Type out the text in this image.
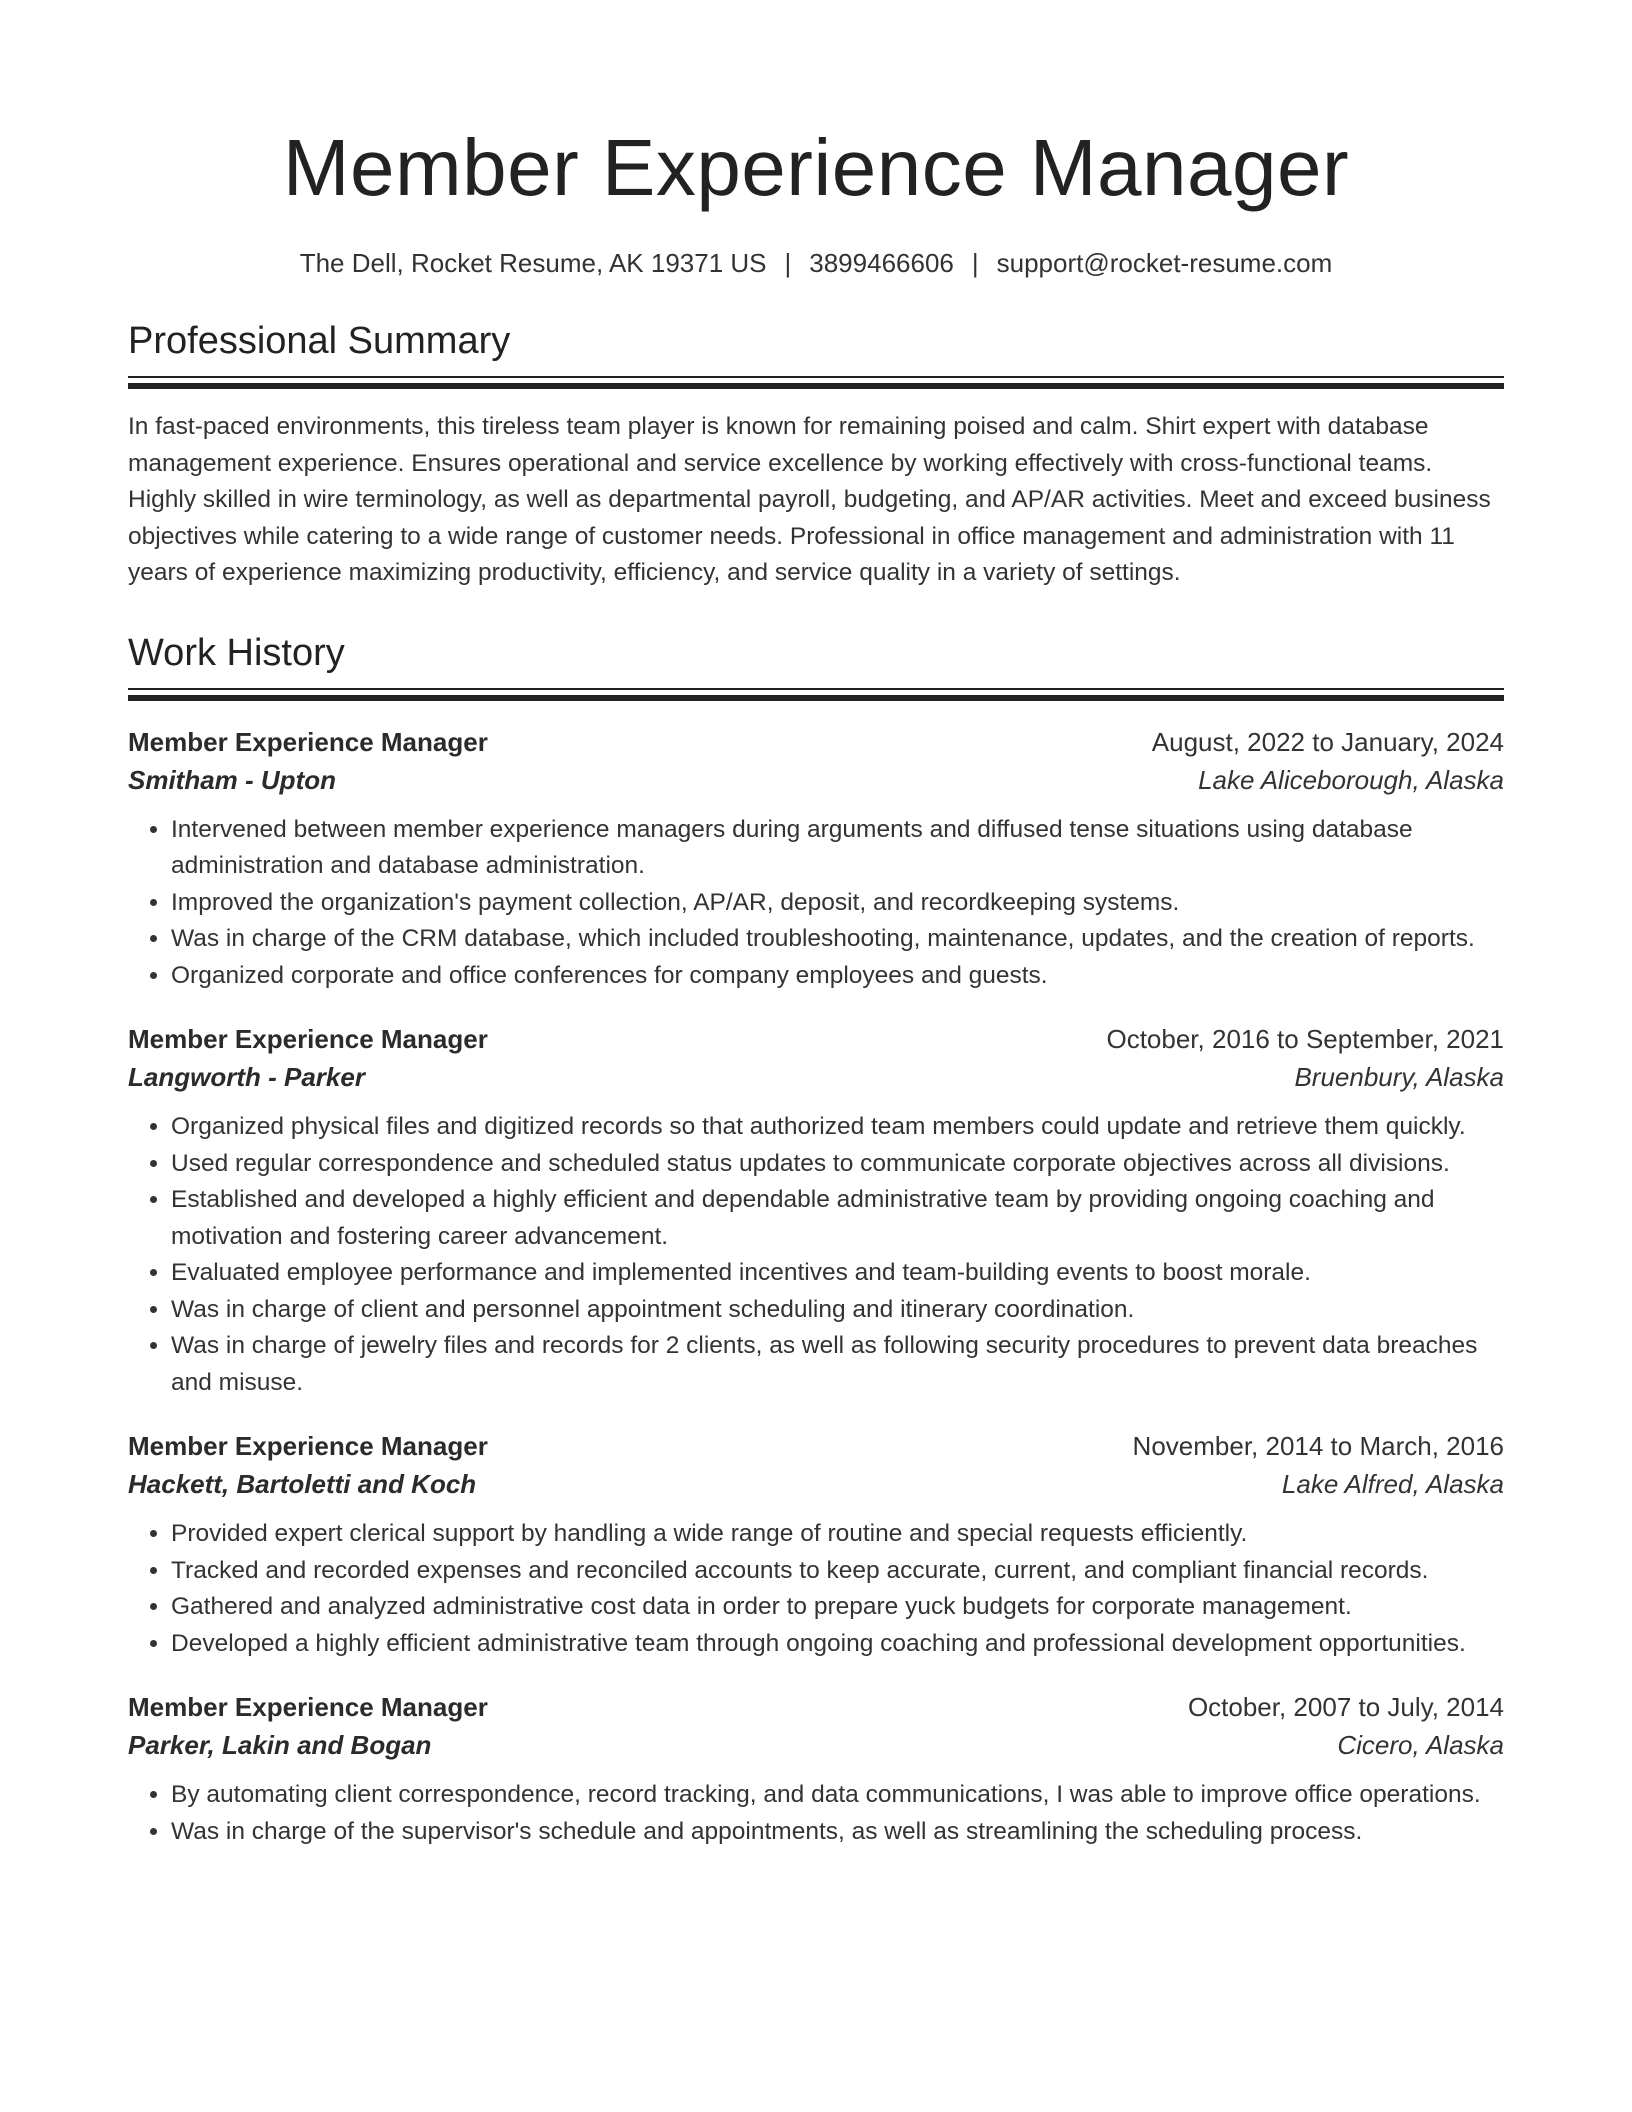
Member Experience Manager
The Dell, Rocket Resume, AK 19371 US | 3899466606 | support@rocket-resume.com
Professional Summary

In fast-paced environments, this tireless team player is known for remaining poised and calm. Shirt expert with database management experience. Ensures operational and service excellence by working effectively with cross-functional teams. Highly skilled in wire terminology, as well as departmental payroll, budgeting, and AP/AR activities. Meet and exceed business objectives while catering to a wide range of customer needs. Professional in office management and administration with 11 years of experience maximizing productivity, efficiency, and service quality in a variety of settings.

Work History
Member Experience Manager	August, 2022 to January, 2024
Smitham - Upton	Lake Aliceborough, Alaska
• Intervened between member experience managers during arguments and diffused tense situations using database administration and database administration.
• Improved the organization's payment collection, AP/AR, deposit, and recordkeeping systems.
• Was in charge of the CRM database, which included troubleshooting, maintenance, updates, and the creation of reports.
• Organized corporate and office conferences for company employees and guests.
Member Experience Manager	October, 2016 to September, 2021
Langworth - Parker	Bruenbury, Alaska
• Organized physical files and digitized records so that authorized team members could update and retrieve them quickly.
• Used regular correspondence and scheduled status updates to communicate corporate objectives across all divisions.
• Established and developed a highly efficient and dependable administrative team by providing ongoing coaching and motivation and fostering career advancement.
• Evaluated employee performance and implemented incentives and team-building events to boost morale.
• Was in charge of client and personnel appointment scheduling and itinerary coordination.
• Was in charge of jewelry files and records for 2 clients, as well as following security procedures to prevent data breaches and misuse.
Member Experience Manager	November, 2014 to March, 2016
Hackett, Bartoletti and Koch	Lake Alfred, Alaska
• Provided expert clerical support by handling a wide range of routine and special requests efficiently.
• Tracked and recorded expenses and reconciled accounts to keep accurate, current, and compliant financial records.
• Gathered and analyzed administrative cost data in order to prepare yuck budgets for corporate management.
• Developed a highly efficient administrative team through ongoing coaching and professional development opportunities.
Member Experience Manager	October, 2007 to July, 2014
Parker, Lakin and Bogan	Cicero, Alaska
• By automating client correspondence, record tracking, and data communications, I was able to improve office operations.
• Was in charge of the supervisor's schedule and appointments, as well as streamlining the scheduling process.
